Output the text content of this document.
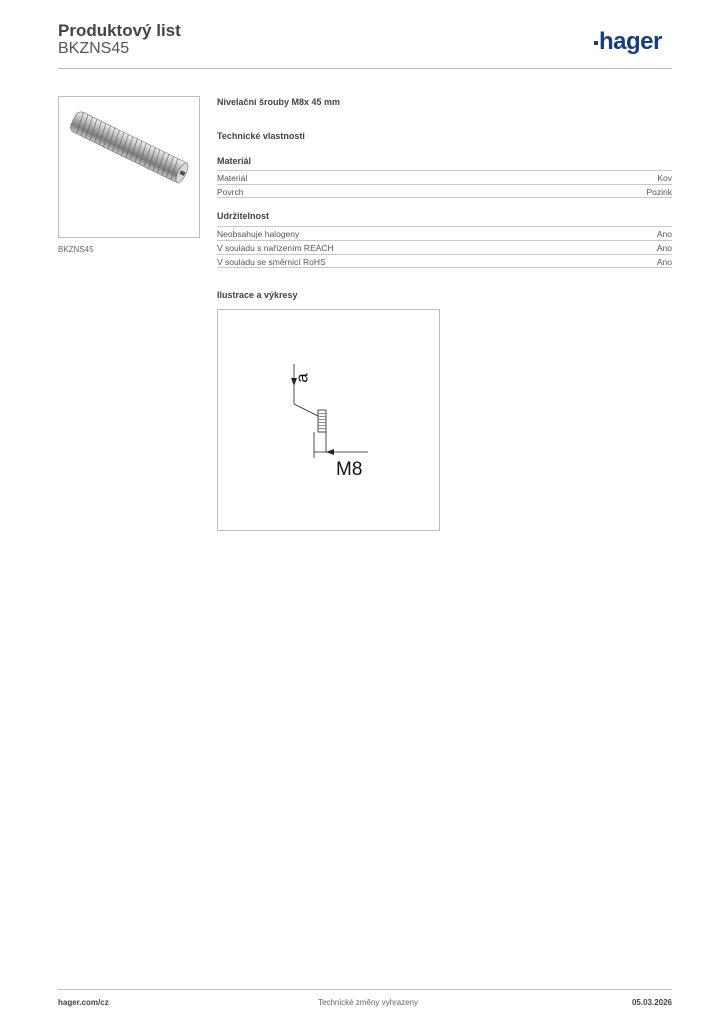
Produktový list
BKZNS45	hager
BKZNS45
Nivelační šrouby M8x 45 mm
Technické vlastnosti
Materiál
Materiál	Kov
Povrch	Pozink
Udržitelnost
Neobsahuje halogeny	Ano
V souladu s nařízením REACH	Ano
V souladu se směrnicí RoHS	Ano
Ilustrace a výkresy
a
M8
hager.com/cz	Technické změny vyhrazeny	05.03.2026
